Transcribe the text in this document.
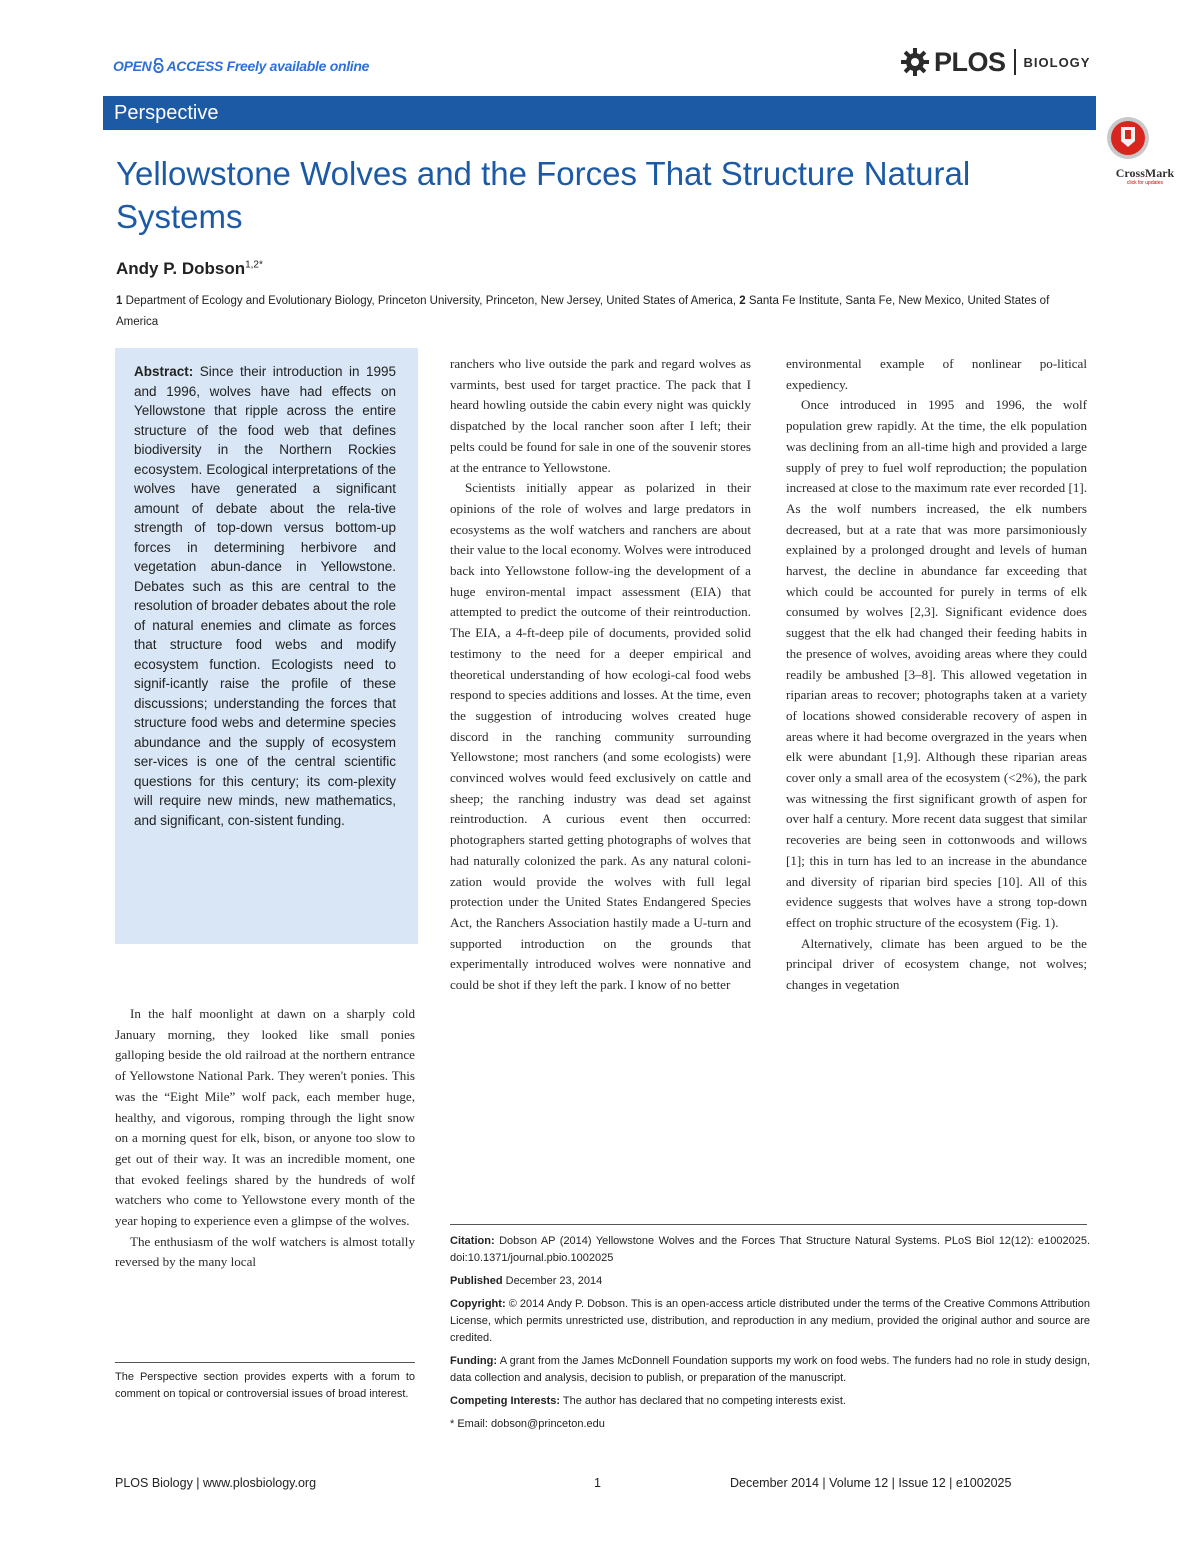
OPEN ACCESS Freely available online	PLOS BIOLOGY
Perspective
CrossMark
click for updates
Yellowstone Wolves and the Forces That Structure Natural Systems
Andy P. Dobson$^{1,2*}$
1 Department of Ecology and Evolutionary Biology, Princeton University, Princeton, New Jersey, United States of America, 2 Santa Fe Institute, Santa Fe, New Mexico, United States of America
Abstract: Since their introduction in 1995 and 1996, wolves have had effects on Yellowstone that ripple across the entire structure of the food web that defines biodiversity in the Northern Rockies ecosystem. Ecological interpretations of the wolves have generated a significant amount of debate about the rela-tive strength of top-down versus bottom-up forces in determining herbivore and vegetation abun-dance in Yellowstone. Debates such as this are central to the resolution of broader debates about the role of natural enemies and climate as forces that structure food webs and modify ecosystem function. Ecologists need to signif-icantly raise the profile of these discussions; understanding the forces that structure food webs and determine species abundance and the supply of ecosystem ser-vices is one of the central scientific questions for this century; its com-plexity will require new minds, new mathematics, and significant, con-sistent funding.

In the half moonlight at dawn on a sharply cold January morning, they looked like small ponies galloping beside the old railroad at the northern entrance of Yellowstone National Park. They weren't ponies. This was the “Eight Mile” wolf pack, each member huge, healthy, and vigorous, romping through the light snow on a morning quest for elk, bison, or anyone too slow to get out of their way. It was an incredible moment, one that evoked feelings shared by the hundreds of wolf watchers who come to Yellowstone every month of the year hoping to experience even a glimpse of the wolves.

The enthusiasm of the wolf watchers is almost totally reversed by the many local

The Perspective section provides experts with a forum to comment on topical or controversial issues of broad interest.

ranchers who live outside the park and regard wolves as varmints, best used for target practice. The pack that I heard howling outside the cabin every night was quickly dispatched by the local rancher soon after I left; their pelts could be found for sale in one of the souvenir stores at the entrance to Yellowstone.

Scientists initially appear as polarized in their opinions of the role of wolves and large predators in ecosystems as the wolf watchers and ranchers are about their value to the local economy. Wolves were introduced back into Yellowstone follow-ing the development of a huge environ-mental impact assessment (EIA) that attempted to predict the outcome of their reintroduction. The EIA, a 4-ft-deep pile of documents, provided solid testimony to the need for a deeper empirical and theoretical understanding of how ecologi-cal food webs respond to species additions and losses. At the time, even the suggestion of introducing wolves created huge discord in the ranching community surrounding Yellowstone; most ranchers (and some ecologists) were convinced wolves would feed exclusively on cattle and sheep; the ranching industry was dead set against reintroduction. A curious event then occurred: photographers started getting photographs of wolves that had naturally colonized the park. As any natural coloni-zation would provide the wolves with full legal protection under the United States Endangered Species Act, the Ranchers Association hastily made a U-turn and supported introduction on the grounds that experimentally introduced wolves were nonnative and could be shot if they left the park. I know of no better

environmental example of nonlinear po-litical expediency.

Once introduced in 1995 and 1996, the wolf population grew rapidly. At the time, the elk population was declining from an all-time high and provided a large supply of prey to fuel wolf reproduction; the population increased at close to the maximum rate ever recorded [1]. As the wolf numbers increased, the elk numbers decreased, but at a rate that was more parsimoniously explained by a prolonged drought and levels of human harvest, the decline in abundance far exceeding that which could be accounted for purely in terms of elk consumed by wolves [2,3]. Significant evidence does suggest that the elk had changed their feeding habits in the presence of wolves, avoiding areas where they could readily be ambushed [3–8]. This allowed vegetation in riparian areas to recover; photographs taken at a variety of locations showed considerable recovery of aspen in areas where it had become overgrazed in the years when elk were abundant [1,9]. Although these riparian areas cover only a small area of the ecosystem (<2%), the park was witnessing the first significant growth of aspen for over half a century. More recent data suggest that similar recoveries are being seen in cottonwoods and willows [1]; this in turn has led to an increase in the abundance and diversity of riparian bird species [10]. All of this evidence suggests that wolves have a strong top-down effect on trophic structure of the ecosystem (Fig. 1).

Alternatively, climate has been argued to be the principal driver of ecosystem change, not wolves; changes in vegetation

Citation: Dobson AP (2014) Yellowstone Wolves and the Forces That Structure Natural Systems. PLoS Biol 12(12): e1002025. doi:10.1371/journal.pbio.1002025
Published December 23, 2014
Copyright: © 2014 Andy P. Dobson. This is an open-access article distributed under the terms of the Creative Commons Attribution License, which permits unrestricted use, distribution, and reproduction in any medium, provided the original author and source are credited.
Funding: A grant from the James McDonnell Foundation supports my work on food webs. The funders had no role in study design, data collection and analysis, decision to publish, or preparation of the manuscript.
Competing Interests: The author has declared that no competing interests exist.
* Email: dobson@princeton.edu
PLOS Biology | www.plosbiology.org	1	December 2014 | Volume 12 | Issue 12 | e1002025
